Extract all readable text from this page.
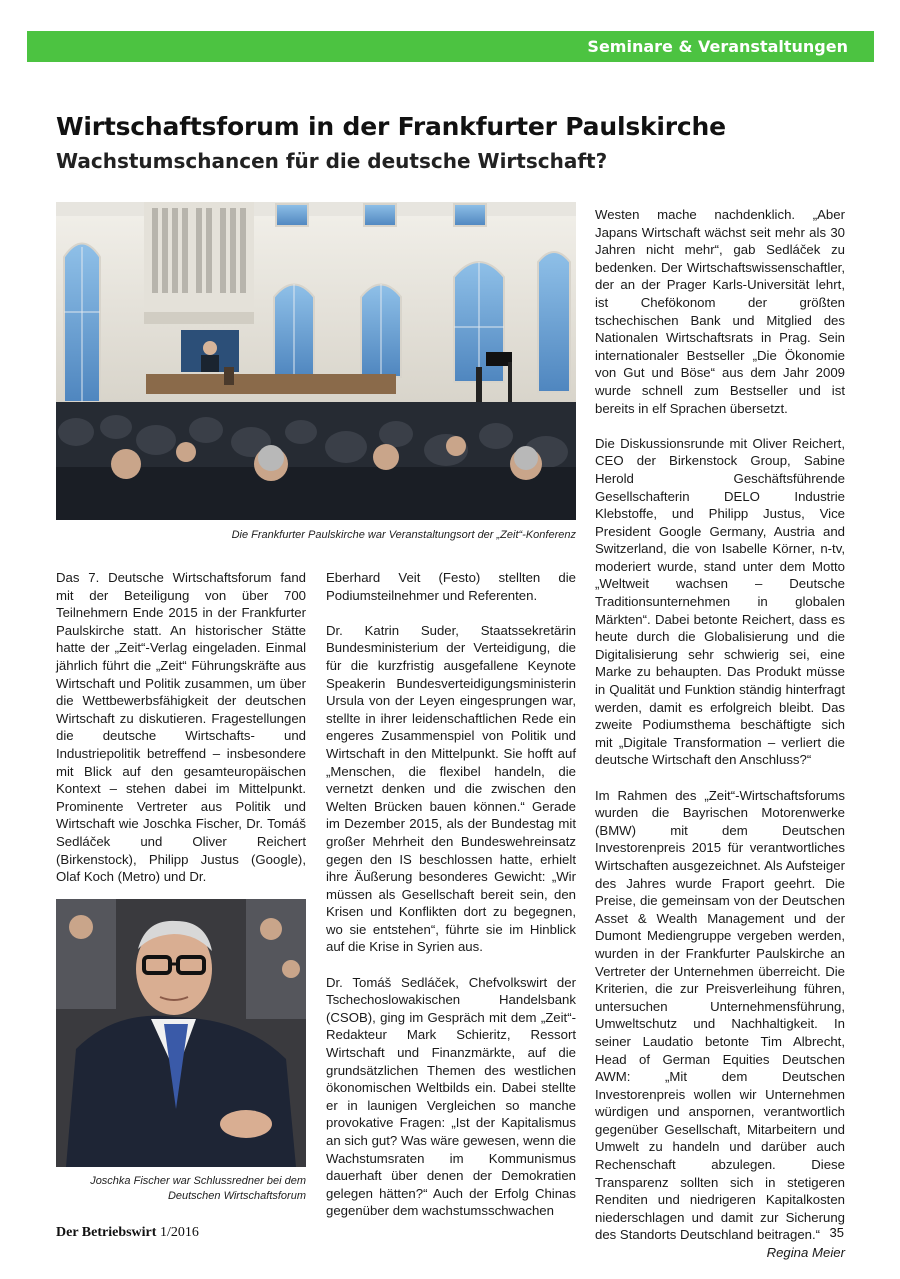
Seminare & Veranstaltungen
Wirtschaftsforum in der Frankfurter Paulskirche
Wachstumschancen für die deutsche Wirtschaft?
Die Frankfurter Paulskirche war Veranstaltungsort der „Zeit“-Konferenz

Das 7. Deutsche Wirtschaftsforum fand mit der Beteiligung von über 700 Teilnehmern Ende 2015 in der Frankfurter Paulskirche statt. An historischer Stätte hatte der „Zeit“-Verlag eingeladen. Einmal jährlich führt die „Zeit“ Führungskräfte aus Wirtschaft und Politik zusammen, um über die Wettbewerbsfähigkeit der deutschen Wirtschaft zu diskutieren. Fragestellungen die deutsche Wirtschafts- und Industriepolitik betreffend – insbesondere mit Blick auf den gesamteuropäischen Kontext – stehen dabei im Mittelpunkt. Prominente Vertreter aus Politik und Wirtschaft wie Joschka Fischer, Dr. Tomáš Sedláček und Oliver Reichert (Birkenstock), Philipp Justus (Google), Olaf Koch (Metro) und Dr.

Joschka Fischer war Schlussredner bei dem Deutschen Wirtschaftsforum

Eberhard Veit (Festo) stellten die Podiumsteilnehmer und Referenten.

Dr. Katrin Suder, Staatssekretärin Bundesministerium der Verteidigung, die für die kurzfristig ausgefallene Keynote Speakerin Bundesverteidigungsministerin Ursula von der Leyen eingesprungen war, stellte in ihrer leidenschaftlichen Rede ein engeres Zusammenspiel von Politik und Wirtschaft in den Mittelpunkt. Sie hofft auf „Menschen, die flexibel handeln, die vernetzt denken und die zwischen den Welten Brücken bauen können.“ Gerade im Dezember 2015, als der Bundestag mit großer Mehrheit den Bundeswehreinsatz gegen den IS beschlossen hatte, erhielt ihre Äußerung besonderes Gewicht: „Wir müssen als Gesellschaft bereit sein, den Krisen und Konflikten dort zu begegnen, wo sie entstehen“, führte sie im Hinblick auf die Krise in Syrien aus.

Dr. Tomáš Sedláček, Chefvolkswirt der Tschechoslowakischen Handelsbank (CSOB), ging im Gespräch mit dem „Zeit“-Redakteur Mark Schieritz, Ressort Wirtschaft und Finanzmärkte, auf die grundsätzlichen Themen des westlichen ökonomischen Weltbilds ein. Dabei stellte er in launigen Vergleichen so manche provokative Fragen: „Ist der Kapitalismus an sich gut? Was wäre gewesen, wenn die Wachstumsraten im Kommunismus dauerhaft über denen der Demokratien gelegen hätten?“ Auch der Erfolg Chinas gegenüber dem wachstumsschwachen

Westen mache nachdenklich. „Aber Japans Wirtschaft wächst seit mehr als 30 Jahren nicht mehr“, gab Sedláček zu bedenken. Der Wirtschaftswissenschaftler, der an der Prager Karls-Universität lehrt, ist Chefökonom der größten tschechischen Bank und Mitglied des Nationalen Wirtschaftsrats in Prag. Sein internationaler Bestseller „Die Ökonomie von Gut und Böse“ aus dem Jahr 2009 wurde schnell zum Bestseller und ist bereits in elf Sprachen übersetzt.

Die Diskussionsrunde mit Oliver Reichert, CEO der Birkenstock Group, Sabine Herold Geschäftsführende Gesellschafterin DELO Industrie Klebstoffe, und Philipp Justus, Vice President Google Germany, Austria and Switzerland, die von Isabelle Körner, n-tv, moderiert wurde, stand unter dem Motto „Weltweit wachsen – Deutsche Traditionsunternehmen in globalen Märkten“. Dabei betonte Reichert, dass es heute durch die Globalisierung und die Digitalisierung sehr schwierig sei, eine Marke zu behaupten. Das Produkt müsse in Qualität und Funktion ständig hinterfragt werden, damit es erfolgreich bleibt. Das zweite Podiumsthema beschäftigte sich mit „Digitale Transformation – verliert die deutsche Wirtschaft den Anschluss?“

Im Rahmen des „Zeit“-Wirtschaftsforums wurden die Bayrischen Motorenwerke (BMW) mit dem Deutschen Investorenpreis 2015 für verantwortliches Wirtschaften ausgezeichnet. Als Aufsteiger des Jahres wurde Fraport geehrt. Die Preise, die gemeinsam von der Deutschen Asset & Wealth Management und der Dumont Mediengruppe vergeben werden, wurden in der Frankfurter Paulskirche an Vertreter der Unternehmen überreicht. Die Kriterien, die zur Preisverleihung führen, untersuchen Unternehmensführung, Umweltschutz und Nachhaltigkeit. In seiner Laudatio betonte Tim Albrecht, Head of German Equities Deutschen AWM: „Mit dem Deutschen Investorenpreis wollen wir Unternehmen würdigen und anspornen, verantwortlich gegenüber Gesellschaft, Mitarbeitern und Umwelt zu handeln und darüber auch Rechenschaft abzulegen. Diese Transparenz sollten sich in stetigeren Renditen und niedrigeren Kapitalkosten niederschlagen und damit zur Sicherung des Standorts Deutschland beitragen.“

Regina Meier

Der Betriebswirt 1/2016	35
